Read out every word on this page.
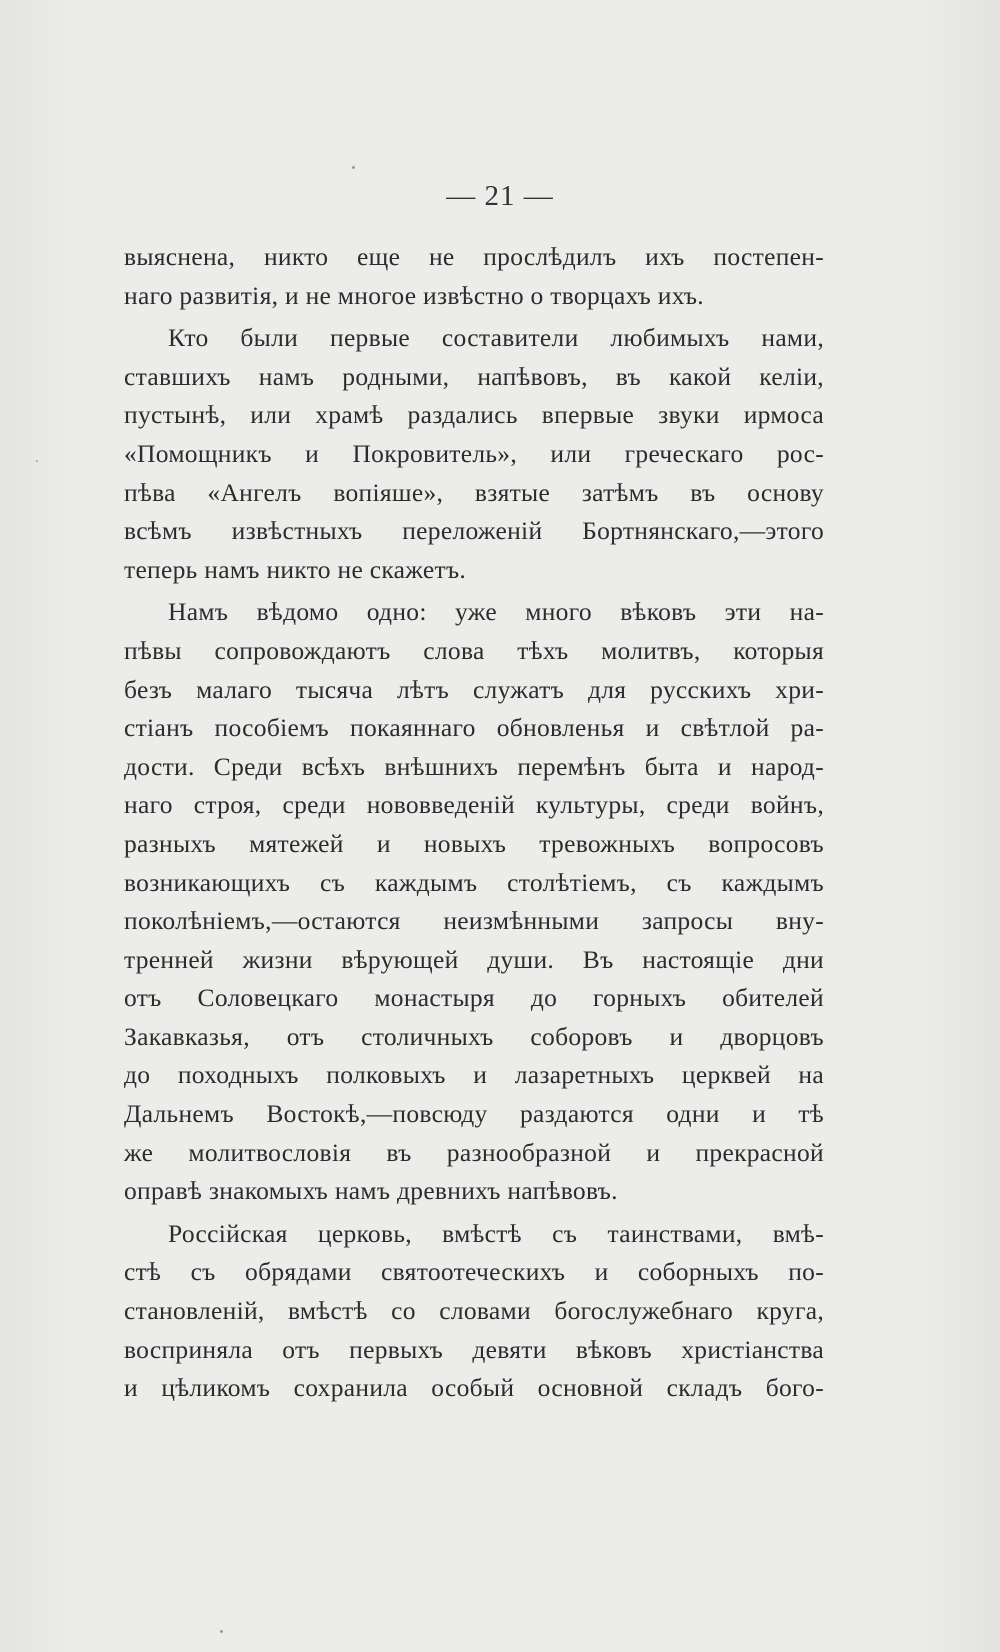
— 21 —
выяснена, никто еще не прослѣдилъ ихъ постепен-
наго развитія, и не многое извѣстно о творцахъ ихъ.
Кто были первые составители любимыхъ нами,
ставшихъ намъ родными, напѣвовъ, въ какой келіи,
пустынѣ, или храмѣ раздались впервые звуки ирмоса
«Помощникъ и Покровитель», или греческаго рос-
пѣва «Ангелъ вопіяше», взятые затѣмъ въ основу
всѣмъ извѣстныхъ переложеній Бортнянскаго,—этого
теперь намъ никто не скажетъ.
Намъ вѣдомо одно: уже много вѣковъ эти на-
пѣвы сопровождаютъ слова тѣхъ молитвъ, которыя
безъ малаго тысяча лѣтъ служатъ для русскихъ хри-
стіанъ пособіемъ покаяннаго обновленья и свѣтлой ра-
дости. Среди всѣхъ внѣшнихъ перемѣнъ быта и народ-
наго строя, среди нововведеній культуры, среди войнъ,
разныхъ мятежей и новыхъ тревожныхъ вопросовъ
возникающихъ съ каждымъ столѣтіемъ, съ каждымъ
поколѣніемъ,—остаются неизмѣнными запросы вну-
тренней жизни вѣрующей души. Въ настоящіе дни
отъ Соловецкаго монастыря до горныхъ обителей
Закавказья, отъ столичныхъ соборовъ и дворцовъ
до походныхъ полковыхъ и лазаретныхъ церквей на
Дальнемъ Востокѣ,—повсюду раздаются одни и тѣ
же молитвословія въ разнообразной и прекрасной
оправѣ знакомыхъ намъ древнихъ напѣвовъ.
Россійская церковь, вмѣстѣ съ таинствами, вмѣ-
стѣ съ обрядами святоотеческихъ и соборныхъ по-
становленій, вмѣстѣ со словами богослужебнаго круга,
восприняла отъ первыхъ девяти вѣковъ христіанства
и цѣликомъ сохранила особый основной складъ бого-
